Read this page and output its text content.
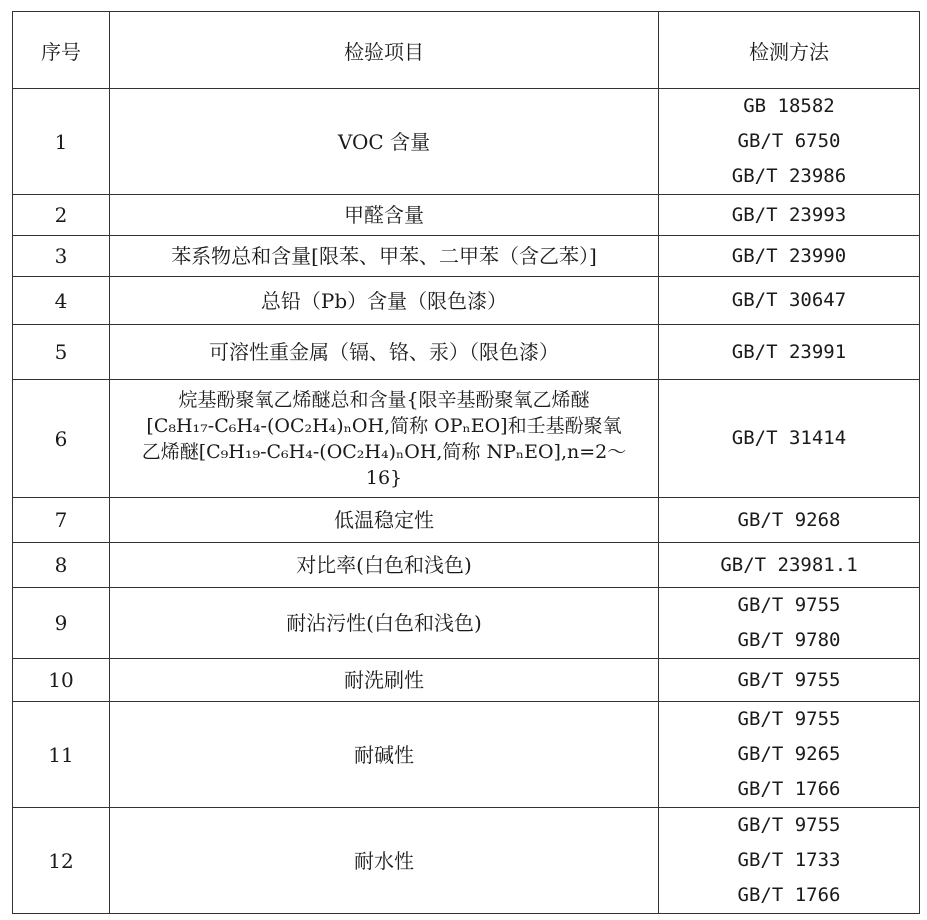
序号	检验项目	检测方法
1	VOC 含量	GB 18582
GB/T 6750
GB/T 23986

2	甲醛含量	GB/T 23993

3	苯系物总和含量[限苯、甲苯、二甲苯（含乙苯）]	GB/T 23990

4	总铅（Pb）含量（限色漆）	GB/T 30647

5	可溶性重金属（镉、铬、汞）（限色漆）	GB/T 23991

6	烷基酚聚氧乙烯醚总和含量{限辛基酚聚氧乙烯醚
[C₈H₁₇-C₆H₄-(OC₂H₄)ₙOH,简称 OPₙEO]和壬基酚聚氧
乙烯醚[C₉H₁₉-C₆H₄-(OC₂H₄)ₙOH,简称 NPₙEO],n=2～
16}	GB/T 31414

7	低温稳定性	GB/T 9268

8	对比率(白色和浅色)	GB/T 23981.1

9	耐沾污性(白色和浅色)	GB/T 9755
GB/T 9780

10	耐洗刷性	GB/T 9755

11	耐碱性	GB/T 9755
GB/T 9265
GB/T 1766

12	耐水性	GB/T 9755
GB/T 1733
GB/T 1766
